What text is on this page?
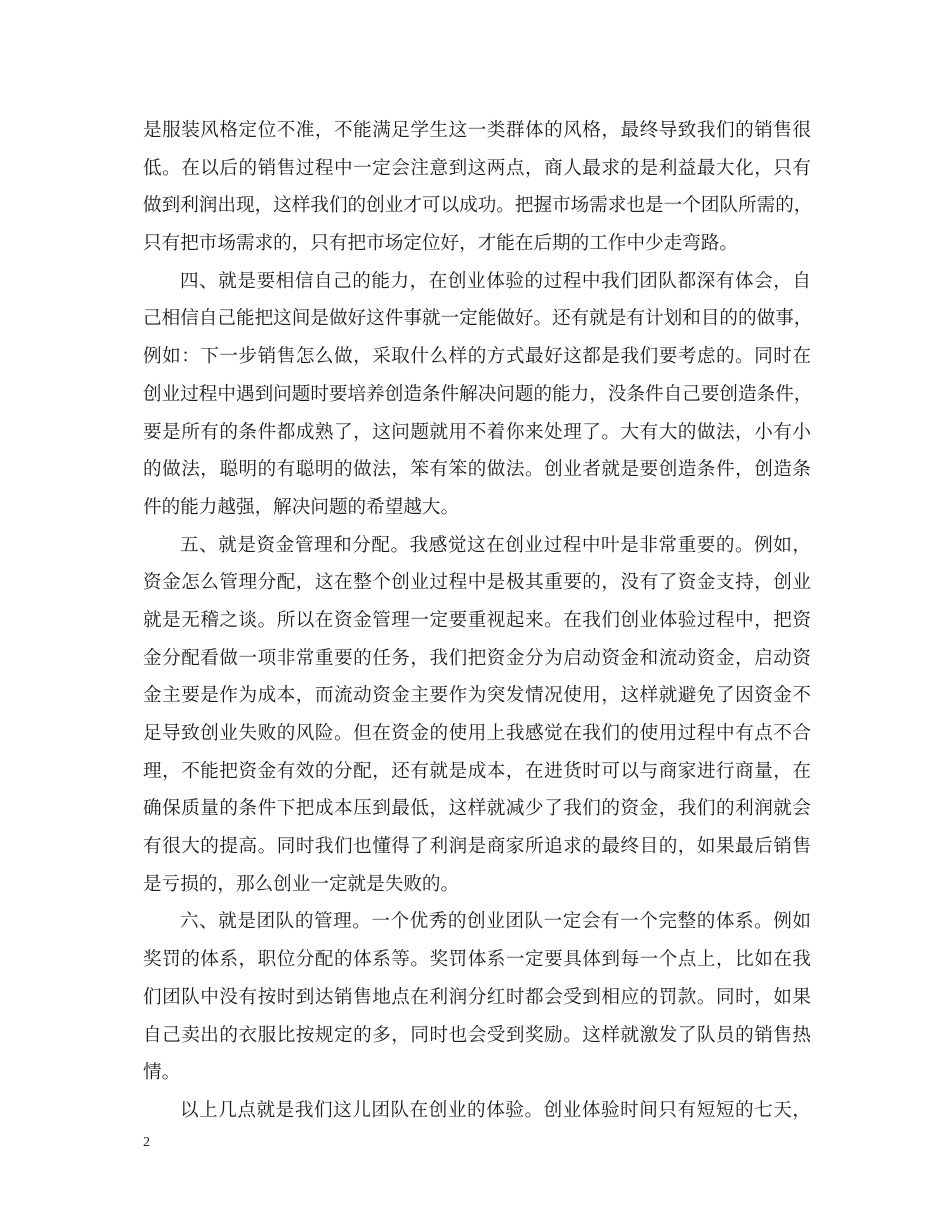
是服装风格定位不准，不能满足学生这一类群体的风格，最终导致我们的销售很
低。在以后的销售过程中一定会注意到这两点，商人最求的是利益最大化，只有
做到利润出现，这样我们的创业才可以成功。把握市场需求也是一个团队所需的，
只有把市场需求的，只有把市场定位好，才能在后期的工作中少走弯路。
四、就是要相信自己的能力，在创业体验的过程中我们团队都深有体会，自
己相信自己能把这间是做好这件事就一定能做好。还有就是有计划和目的的做事，
例如：下一步销售怎么做，采取什么样的方式最好这都是我们要考虑的。同时在
创业过程中遇到问题时要培养创造条件解决问题的能力，没条件自己要创造条件，
要是所有的条件都成熟了，这问题就用不着你来处理了。大有大的做法，小有小
的做法，聪明的有聪明的做法，笨有笨的做法。创业者就是要创造条件，创造条
件的能力越强，解决问题的希望越大。
五、就是资金管理和分配。我感觉这在创业过程中叶是非常重要的。例如，
资金怎么管理分配，这在整个创业过程中是极其重要的，没有了资金支持，创业
就是无稽之谈。所以在资金管理一定要重视起来。在我们创业体验过程中，把资
金分配看做一项非常重要的任务，我们把资金分为启动资金和流动资金，启动资
金主要是作为成本，而流动资金主要作为突发情况使用，这样就避免了因资金不
足导致创业失败的风险。但在资金的使用上我感觉在我们的使用过程中有点不合
理，不能把资金有效的分配，还有就是成本，在进货时可以与商家进行商量，在
确保质量的条件下把成本压到最低，这样就减少了我们的资金，我们的利润就会
有很大的提高。同时我们也懂得了利润是商家所追求的最终目的，如果最后销售
是亏损的，那么创业一定就是失败的。
六、就是团队的管理。一个优秀的创业团队一定会有一个完整的体系。例如
奖罚的体系，职位分配的体系等。奖罚体系一定要具体到每一个点上，比如在我
们团队中没有按时到达销售地点在利润分红时都会受到相应的罚款。同时，如果
自己卖出的衣服比按规定的多，同时也会受到奖励。这样就激发了队员的销售热
情。
以上几点就是我们这儿团队在创业的体验。创业体验时间只有短短的七天，
2
